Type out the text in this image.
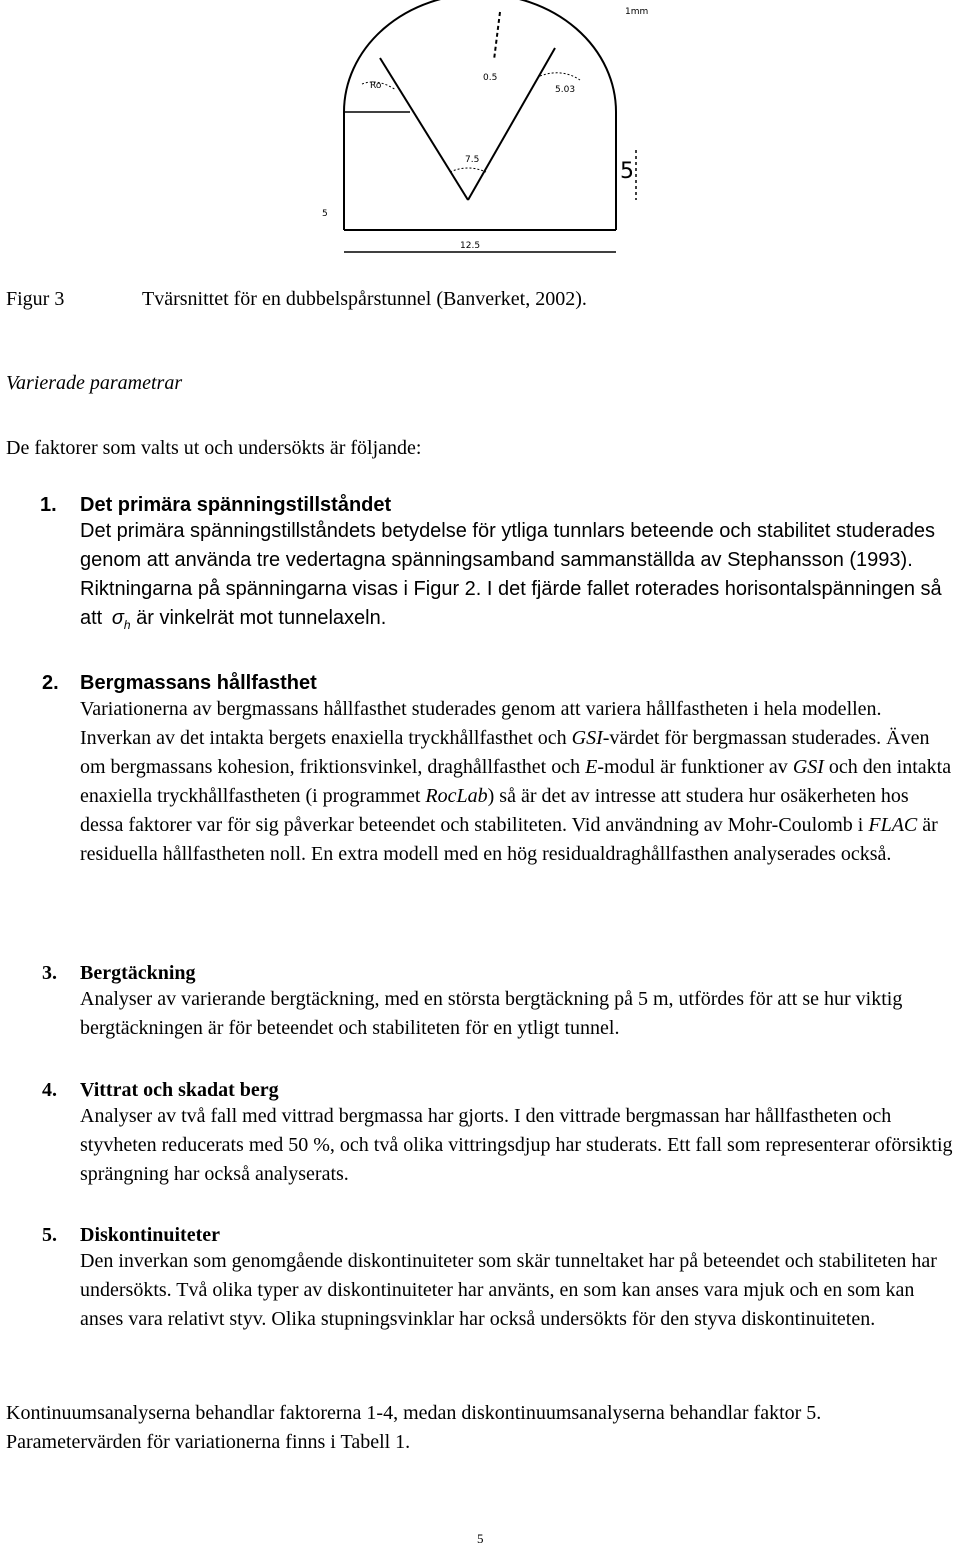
1mm
0.5
Ro	5.03
7.5	5
5
12.5
Figur 3	Tvärsnittet för en dubbelspårstunnel (Banverket, 2002).
Varierade parametrar
De faktorer som valts ut och undersökts är följande:
1.	Det primära spänningstillståndet
Det primära spänningstillståndets betydelse för ytliga tunnlars beteende och stabilitet studerades genom att använda tre vedertagna spänningsamband sammanställda av Stephansson (1993). Riktningarna på spänningarna visas i Figur 2. I det fjärde fallet roterades horisontalspänningen så att $\sigma_h$ är vinkelrät mot tunnelaxeln.
2.	Bergmassans hållfasthet
Variationerna av bergmassans hållfasthet studerades genom att variera hållfastheten i hela modellen. Inverkan av det intakta bergets enaxiella tryckhållfasthet och GSI-värdet för bergmassan studerades. Även om bergmassans kohesion, friktionsvinkel, draghållfasthet och E-modul är funktioner av GSI och den intakta enaxiella tryckhållfastheten (i programmet RocLab) så är det av intresse att studera hur osäkerheten hos dessa faktorer var för sig påverkar beteendet och stabiliteten. Vid användning av Mohr-Coulomb i FLAC är residuella hållfastheten noll. En extra modell med en hög residualdraghållfasthen analyserades också.
3.	Bergtäckning
Analyser av varierande bergtäckning, med en största bergtäckning på 5 m, utfördes för att se hur viktig bergtäckningen är för beteendet och stabiliteten för en ytligt tunnel.
4.	Vittrat och skadat berg
Analyser av två fall med vittrad bergmassa har gjorts. I den vittrade bergmassan har hållfastheten och styvheten reducerats med 50 %, och två olika vittringsdjup har studerats. Ett fall som representerar oförsiktig sprängning har också analyserats.
5.	Diskontinuiteter
Den inverkan som genomgående diskontinuiteter som skär tunneltaket har på beteendet och stabiliteten har undersökts. Två olika typer av diskontinuiteter har använts, en som kan anses vara mjuk och en som kan anses vara relativt styv. Olika stupningsvinklar har också undersökts för den styva diskontinuiteten.
Kontinuumsanalyserna behandlar faktorerna 1-4, medan diskontinuumsanalyserna behandlar faktor 5. Parametervärden för variationerna finns i Tabell 1.
5
